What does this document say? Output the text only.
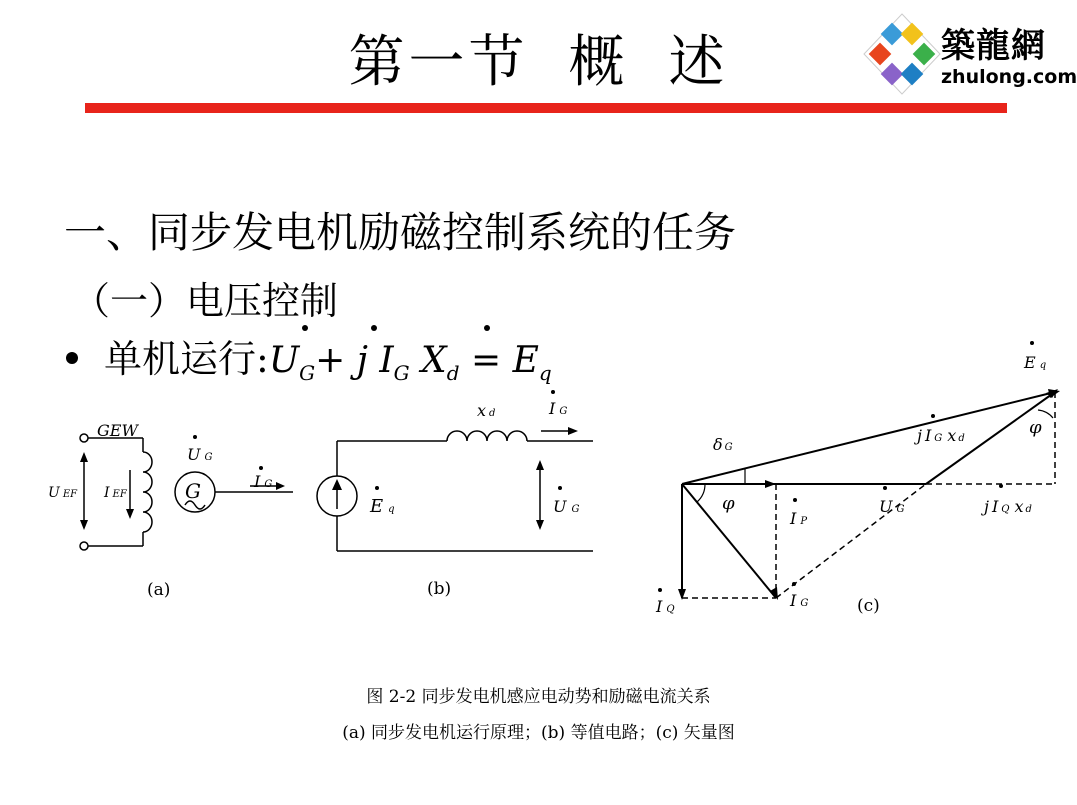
第一节 概 述	築龍網
zhulong.com
一、同步发电机励磁控制系统的任务
（一）电压控制
单机运行$:U_G+ j$ $I_G$ $X_d = E_q$
GEW
U EF I EF
U G
G	I G
(a)
xd	I G
Eq	U G
(b)
Eq
φ
j I G x d
δ G
φ
I P
U G	j I Q x d
I Q	I G	(c)
图 2-2 同步发电机感应电动势和励磁电流关系
(a) 同步发电机运行原理；(b) 等值电路；(c) 矢量图
